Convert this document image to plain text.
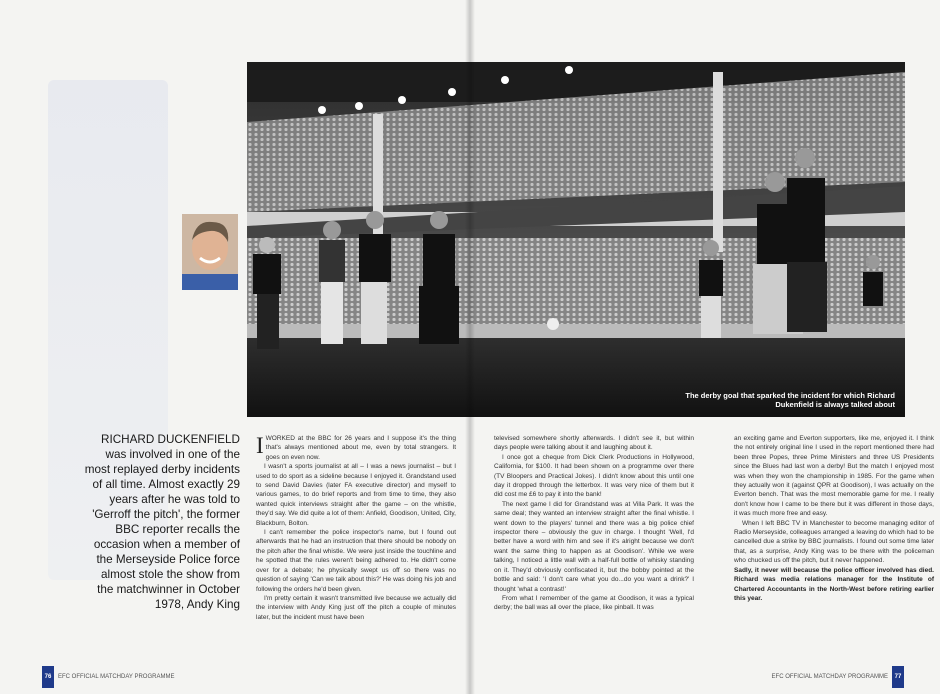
The derby goal that sparked the incident for which Richard Dukenfield is always talked about
RICHARD DUCKENFIELD was involved in one of the most replayed derby incidents of all time. Almost exactly 29 years after he was told to 'Gerroff the pitch', the former BBC reporter recalls the occasion when a member of the Merseyside Police force almost stole the show from the matchwinner in October 1978, Andy King

IWORKED at the BBC for 26 years and I suppose it's the thing that's always mentioned about me, even by total strangers. It goes on even now.

I wasn't a sports journalist at all – I was a news journalist – but I used to do sport as a sideline because I enjoyed it. Grandstand used to send David Davies (later FA executive director) and myself to various games, to do brief reports and from time to time, they also wanted quick interviews straight after the game – on the whistle, they'd say. We did quite a lot of them: Anfield, Goodison, United, City, Blackburn, Bolton.

I can't remember the police inspector's name, but I found out afterwards that he had an instruction that there should be nobody on the pitch after the final whistle. We were just inside the touchline and he spotted that the rules weren't being adhered to. He didn't come over for a debate; he physically swept us off so there was no question of saying 'Can we talk about this?' He was doing his job and following the orders he'd been given.

I'm pretty certain it wasn't transmitted live because we actually did the interview with Andy King just off the pitch a couple of minutes later, but the incident must have been

televised somewhere shortly afterwards. I didn't see it, but within days people were talking about it and laughing about it.

I once got a cheque from Dick Clerk Productions in Hollywood, California, for $100. It had been shown on a programme over there (TV Bloopers and Practical Jokes). I didn't know about this until one day it dropped through the letterbox. It was very nice of them but it did cost me £6 to pay it into the bank!

The next game I did for Grandstand was at Villa Park. It was the same deal; they wanted an interview straight after the final whistle. I went down to the players' tunnel and there was a big police chief inspector there – obviously the guv in charge. I thought 'Well, I'd better have a word with him and see if it's alright because we don't want the same thing to happen as at Goodison'. While we were talking, I noticed a little wall with a half-full bottle of whisky standing on it. They'd obviously confiscated it, but the bobby pointed at the bottle and said: 'I don't care what you do...do you want a drink?' I thought 'what a contrast!'

From what I remember of the game at Goodison, it was a typical derby; the ball was all over the place, like pinball. It was

an exciting game and Everton supporters, like me, enjoyed it. I think the not entirely original line I used in the report mentioned there had been three Popes, three Prime Ministers and three US Presidents since the Blues had last won a derby! But the match I enjoyed most was when they won the championship in 1985. For the game when they actually won it (against QPR at Goodison), I was actually on the Everton bench. That was the most memorable game for me. I really don't know how I came to be there but it was different in those days, it was much more free and easy.

When I left BBC TV in Manchester to become managing editor of Radio Merseyside, colleagues arranged a leaving do which had to be cancelled due a strike by BBC journalists. I found out some time later that, as a surprise, Andy King was to be there with the policeman who chucked us off the pitch, but it never happened.

Sadly, it never will because the police officer involved has died. Richard was media relations manager for the Institute of Chartered Accountants in the North-West before retiring earlier this year.

76	EFC OFFICIAL MATCHDAY PROGRAMME	EFC OFFICIAL MATCHDAY PROGRAMME	77
